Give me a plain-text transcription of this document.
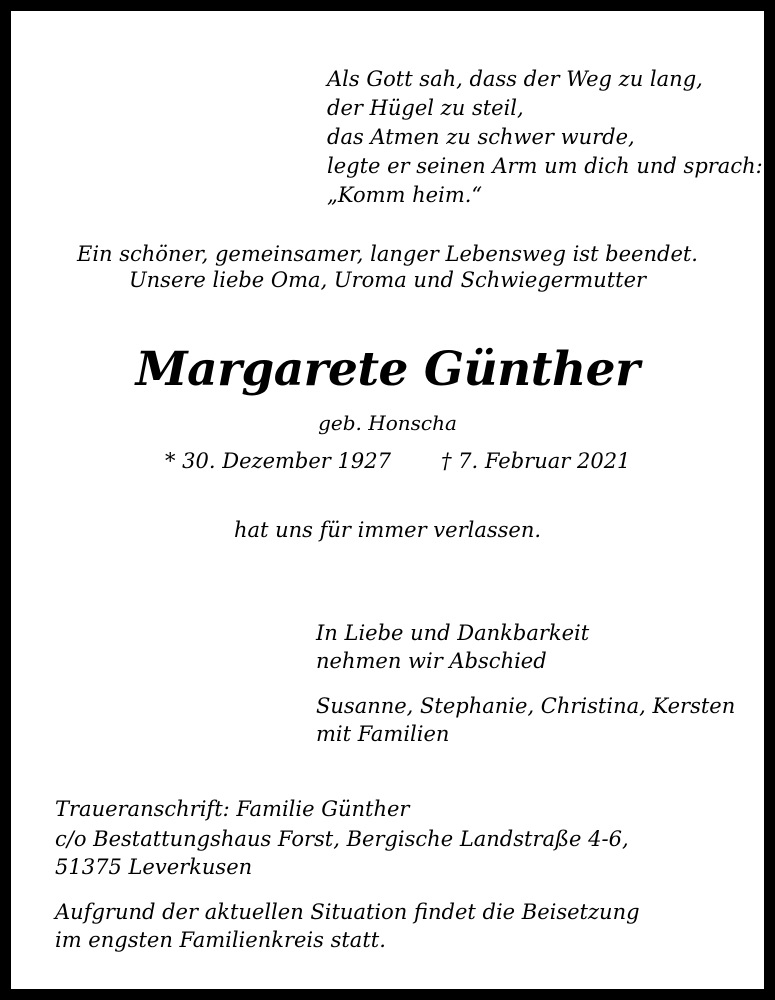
Als Gott sah, dass der Weg zu lang,
der Hügel zu steil,
das Atmen zu schwer wurde,
legte er seinen Arm um dich und sprach:
„Komm heim.“
Ein schöner, gemeinsamer, langer Lebensweg ist beendet.
Unsere liebe Oma, Uroma und Schwiegermutter
Margarete Günther
geb. Honscha
* 30. Dezember 1927 † 7. Februar 2021
hat uns für immer verlassen.
In Liebe und Dankbarkeit
nehmen wir Abschied
Susanne, Stephanie, Christina, Kersten
mit Familien
Traueranschrift: Familie Günther
c/o Bestattungshaus Forst, Bergische Landstraße 4-6,
51375 Leverkusen
Aufgrund der aktuellen Situation findet die Beisetzung
im engsten Familienkreis statt.
